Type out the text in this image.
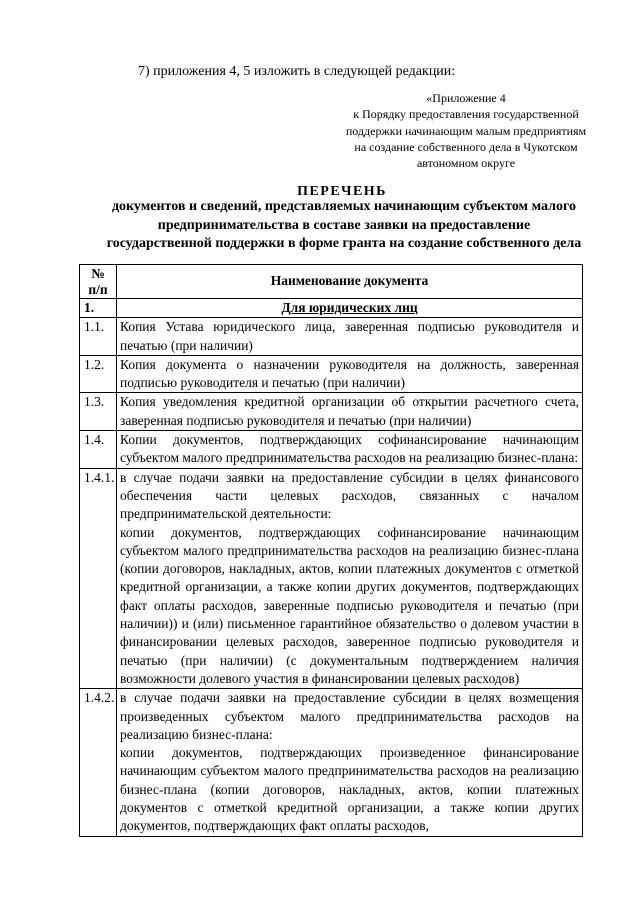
7) приложения 4, 5 изложить в следующей редакции:
«Приложение 4
к Порядку предоставления государственной
поддержки начинающим малым предприятиям
на создание собственного дела в Чукотском
автономном округе
ПЕРЕЧЕНЬ
документов и сведений, представляемых начинающим субъектом малого
предпринимательства в составе заявки на предоставление
государственной поддержки в форме гранта на создание собственного дела
№
п/п	Наименование документа
1.	Для юридических лиц
1.1.	Копия Устава юридического лица, заверенная подписью руководителя и печатью (при наличии)
1.2.	Копия документа о назначении руководителя на должность, заверенная подписью руководителя и печатью (при наличии)
1.3.	Копия уведомления кредитной организации об открытии расчетного счета, заверенная подписью руководителя и печатью (при наличии)
1.4.	Копии документов, подтверждающих софинансирование начинающим субъектом малого предпринимательства расходов на реализацию бизнес-плана:
1.4.1.	в случае подачи заявки на предоставление субсидии в целях финансового обеспечения части целевых расходов, связанных с началом предпринимательской деятельности:

копии документов, подтверждающих софинансирование начинающим субъектом малого предпринимательства расходов на реализацию бизнес-плана (копии договоров, накладных, актов, копии платежных документов с отметкой кредитной организации, а также копии других документов, подтверждающих факт оплаты расходов, заверенные подписью руководителя и печатью (при наличии)) и (или) письменное гарантийное обязательство о долевом участии в финансировании целевых расходов, заверенное подписью руководителя и печатью (при наличии) (с документальным подтверждением наличия возможности долевого участия в финансировании целевых расходов)

1.4.2.	в случае подачи заявки на предоставление субсидии в целях возмещения произведенных субъектом малого предпринимательства расходов на реализацию бизнес-плана:

копии документов, подтверждающих произведенное финансирование начинающим субъектом малого предпринимательства расходов на реализацию бизнес-плана (копии договоров, накладных, актов, копии платежных документов с отметкой кредитной организации, а также копии других документов, подтверждающих факт оплаты расходов,
